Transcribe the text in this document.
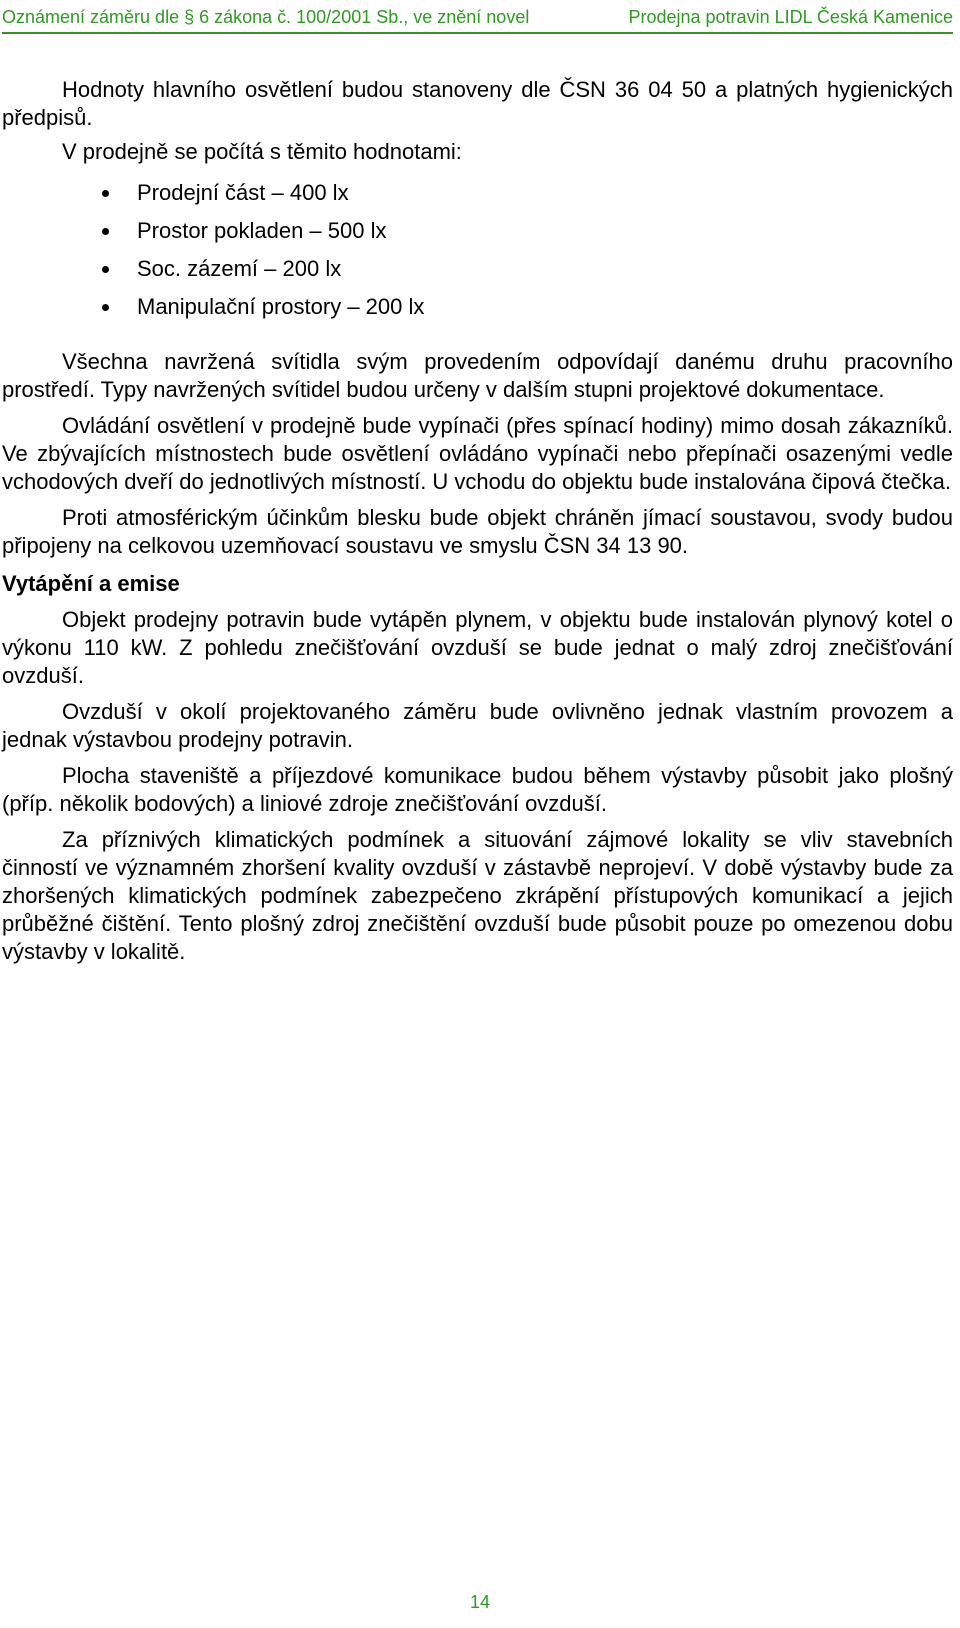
Oznámení záměru dle § 6 zákona č. 100/2001 Sb., ve znění novel	Prodejna potravin LIDL Česká Kamenice

Hodnoty hlavního osvětlení budou stanoveny dle ČSN 36 04 50 a platných hygienických předpisů.

V prodejně se počítá s těmito hodnotami:

Prodejní část – 400 lx
Prostor pokladen – 500 lx
Soc. zázemí – 200 lx
Manipulační prostory – 200 lx

Všechna navržená svítidla svým provedením odpovídají danému druhu pracovního prostředí. Typy navržených svítidel budou určeny v dalším stupni projektové dokumentace.

Ovládání osvětlení v prodejně bude vypínači (přes spínací hodiny) mimo dosah zákazníků. Ve zbývajících místnostech bude osvětlení ovládáno vypínači nebo přepínači osazenými vedle vchodových dveří do jednotlivých místností. U vchodu do objektu bude instalována čipová čtečka.

Proti atmosférickým účinkům blesku bude objekt chráněn jímací soustavou, svody budou připojeny na celkovou uzemňovací soustavu ve smyslu ČSN 34 13 90.

Vytápění a emise

Objekt prodejny potravin bude vytápěn plynem, v objektu bude instalován plynový kotel o výkonu 110 kW. Z pohledu znečišťování ovzduší se bude jednat o malý zdroj znečišťování ovzduší.

Ovzduší v okolí projektovaného záměru bude ovlivněno jednak vlastním provozem a jednak výstavbou prodejny potravin.

Plocha staveniště a příjezdové komunikace budou během výstavby působit jako plošný (příp. několik bodových) a liniové zdroje znečišťování ovzduší.

Za příznivých klimatických podmínek a situování zájmové lokality se vliv stavebních činností ve významném zhoršení kvality ovzduší v zástavbě neprojeví. V době výstavby bude za zhoršených klimatických podmínek zabezpečeno zkrápění přístupových komunikací a jejich průběžné čištění. Tento plošný zdroj znečištění ovzduší bude působit pouze po omezenou dobu výstavby v lokalitě.

14
